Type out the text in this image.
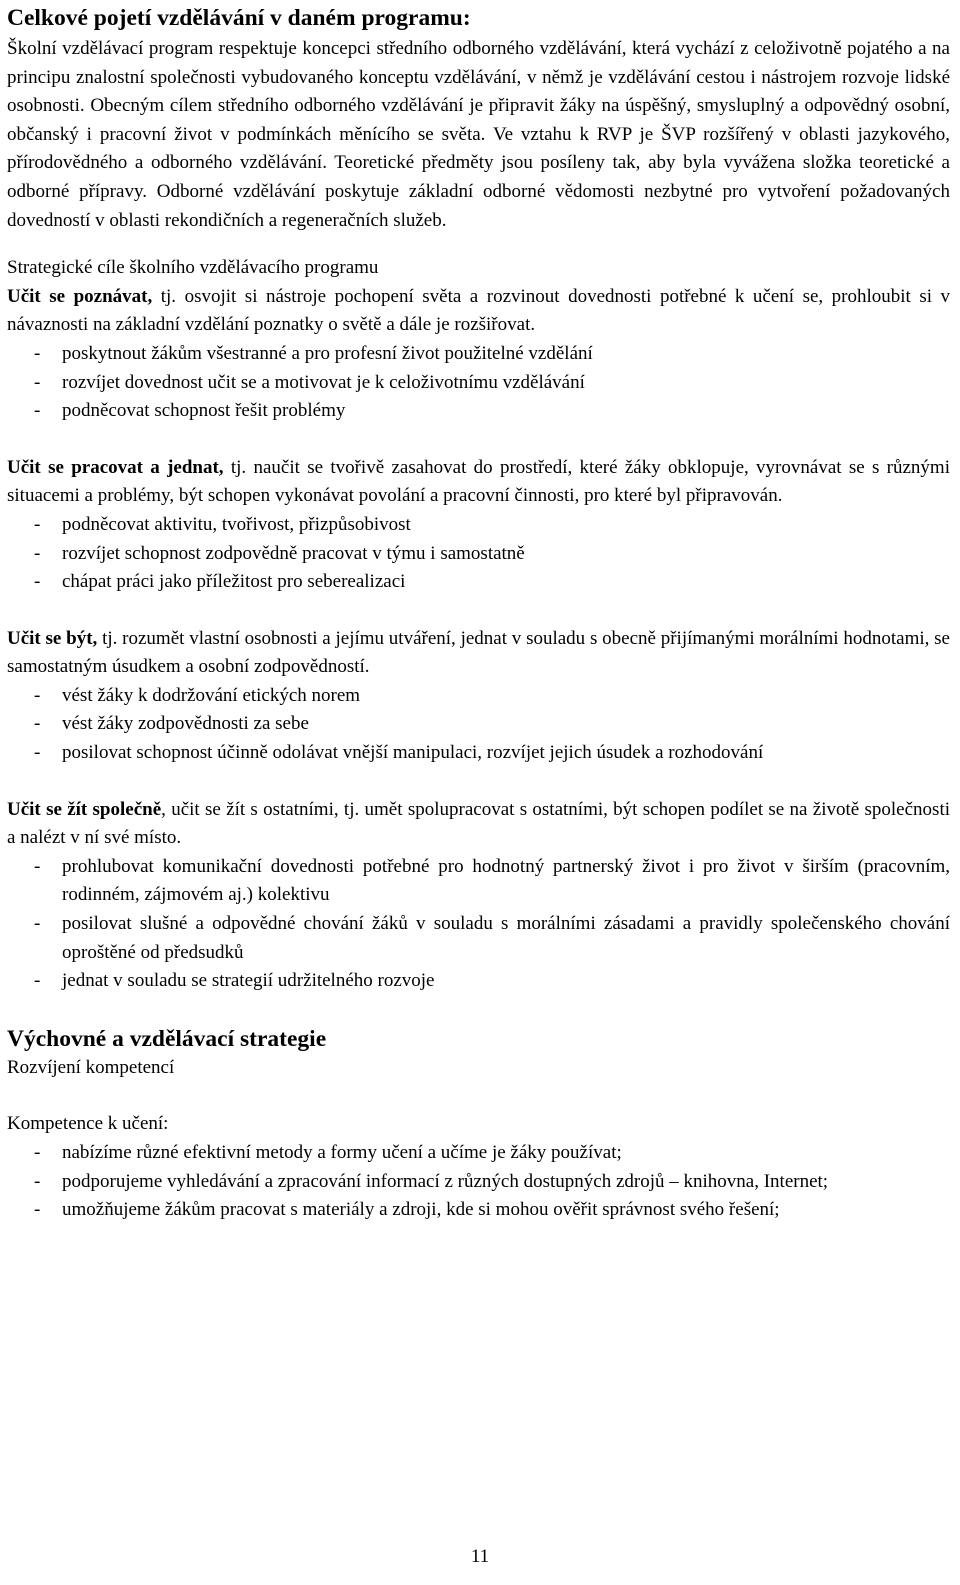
Celkové pojetí vzdělávání v daném programu:

Školní vzdělávací program respektuje koncepci středního odborného vzdělávání, která vychází z celoživotně pojatého a na principu znalostní společnosti vybudovaného konceptu vzdělávání, v němž je vzdělávání cestou i nástrojem rozvoje lidské osobnosti. Obecným cílem středního odborného vzdělávání je připravit žáky na úspěšný, smysluplný a odpovědný osobní, občanský i pracovní život v podmínkách měnícího se světa. Ve vztahu k RVP je ŠVP rozšířený v oblasti jazykového, přírodovědného a odborného vzdělávání. Teoretické předměty jsou posíleny tak, aby byla vyvážena složka teoretické a odborné přípravy. Odborné vzdělávání poskytuje základní odborné vědomosti nezbytné pro vytvoření požadovaných dovedností v oblasti rekondičních a regeneračních služeb.

Strategické cíle školního vzdělávacího programu

Učit se poznávat, tj. osvojit si nástroje pochopení světa a rozvinout dovednosti potřebné k učení se, prohloubit si v návaznosti na základní vzdělání poznatky o světě a dále je rozšiřovat.

- poskytnout žákům všestranné a pro profesní život použitelné vzdělání
- rozvíjet dovednost učit se a motivovat je k celoživotnímu vzdělávání
- podněcovat schopnost řešit problémy

Učit se pracovat a jednat, tj. naučit se tvořivě zasahovat do prostředí, které žáky obklopuje, vyrovnávat se s různými situacemi a problémy, být schopen vykonávat povolání a pracovní činnosti, pro které byl připravován.

- podněcovat aktivitu, tvořivost, přizpůsobivost
- rozvíjet schopnost zodpovědně pracovat v týmu i samostatně
- chápat práci jako příležitost pro seberealizaci

Učit se být, tj. rozumět vlastní osobnosti a jejímu utváření, jednat v souladu s obecně přijímanými morálními hodnotami, se samostatným úsudkem a osobní zodpovědností.

- vést žáky k dodržování etických norem
- vést žáky zodpovědnosti za sebe
- posilovat schopnost účinně odolávat vnější manipulaci, rozvíjet jejich úsudek a rozhodování

Učit se žít společně, učit se žít s ostatními, tj. umět spolupracovat s ostatními, být schopen podílet se na životě společnosti a nalézt v ní své místo.

- prohlubovat komunikační dovednosti potřebné pro hodnotný partnerský život i pro život v širším (pracovním, rodinném, zájmovém aj.) kolektivu
- posilovat slušné a odpovědné chování žáků v souladu s morálními zásadami a pravidly společenského chování oproštěné od předsudků
- jednat v souladu se strategií udržitelného rozvoje
Výchovné a vzdělávací strategie

Rozvíjení kompetencí

Kompetence k učení:

- nabízíme různé efektivní metody a formy učení a učíme je žáky používat;
- podporujeme vyhledávání a zpracování informací z různých dostupných zdrojů – knihovna, Internet;
- umožňujeme žákům pracovat s materiály a zdroji, kde si mohou ověřit správnost svého řešení;
11
